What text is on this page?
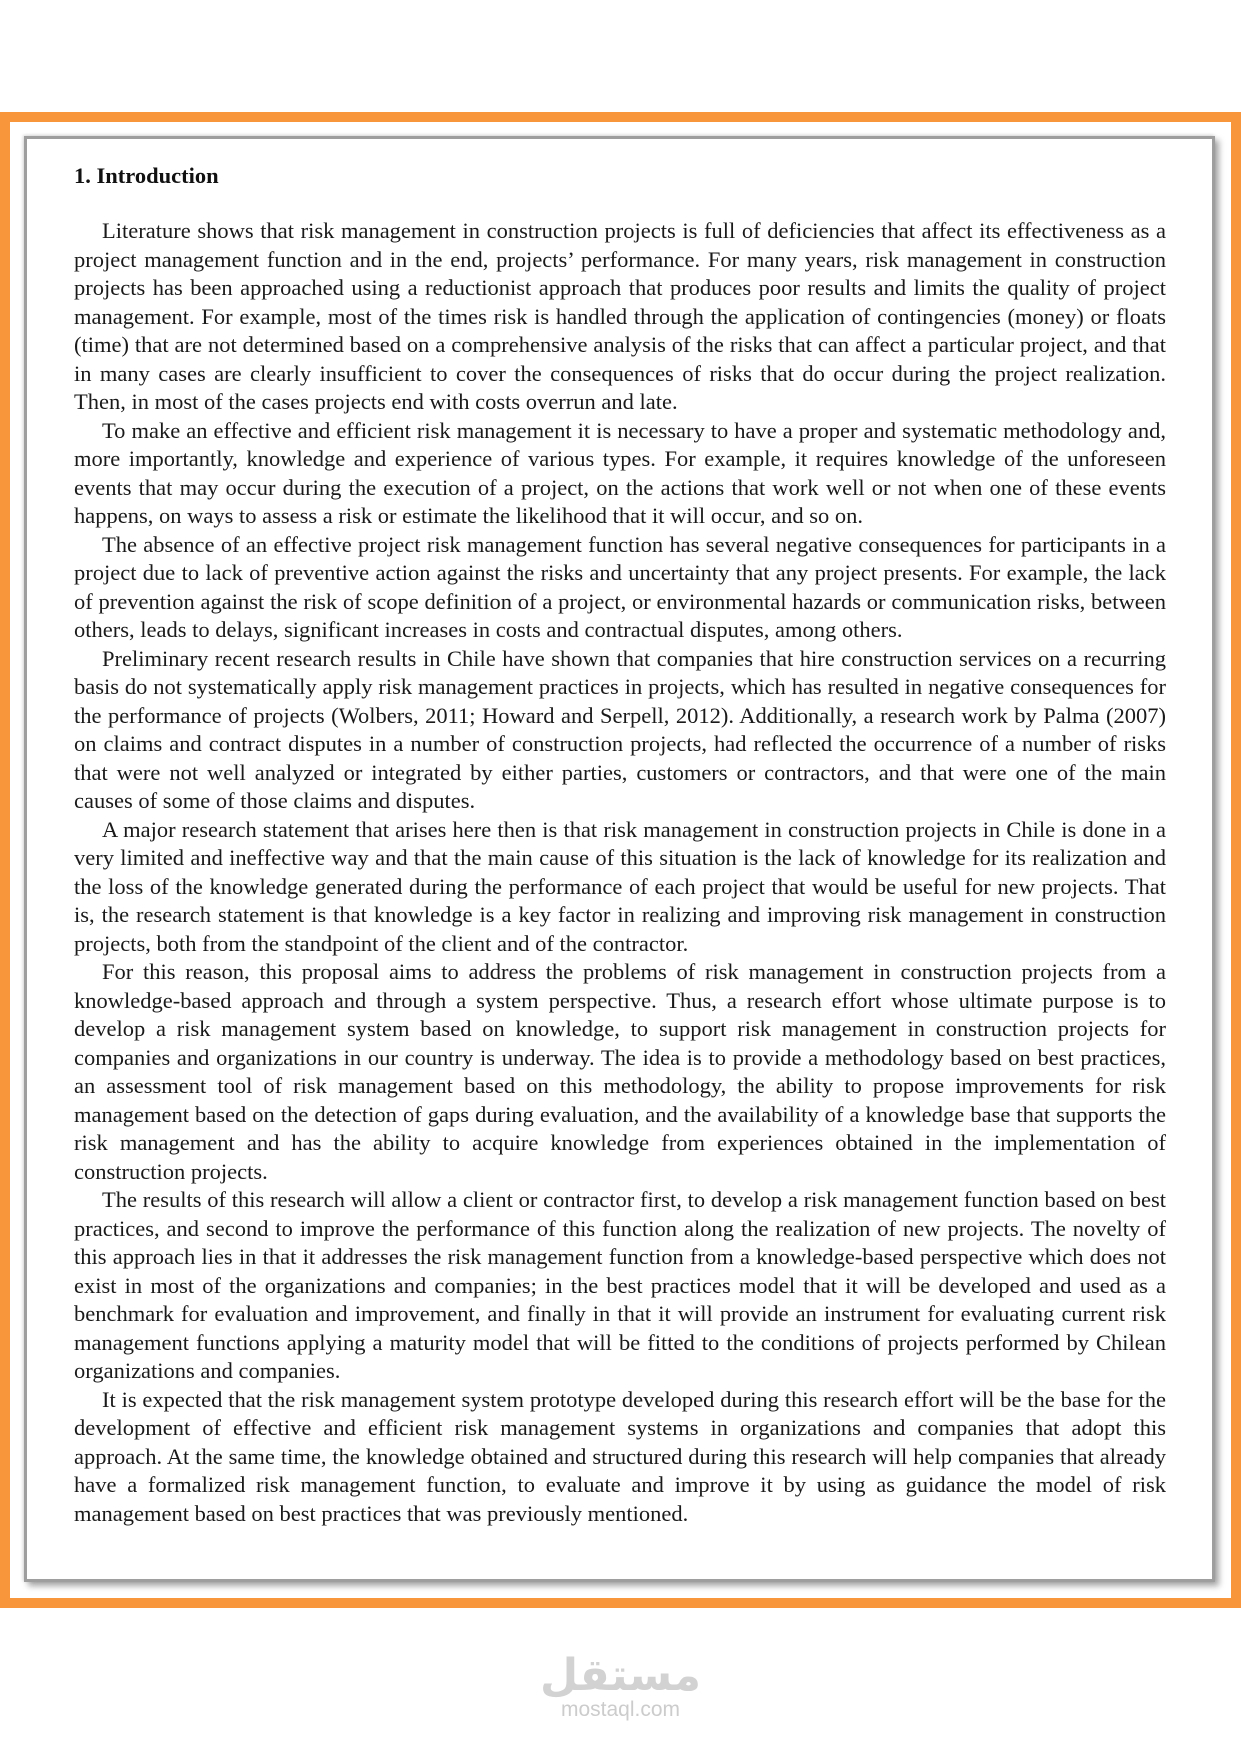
1. Introduction

Literature shows that risk management in construction projects is full of deficiencies that affect its effectiveness as a project management function and in the end, projects’ performance. For many years, risk management in construction projects has been approached using a reductionist approach that produces poor results and limits the quality of project management. For example, most of the times risk is handled through the application of contingencies (money) or floats (time) that are not determined based on a comprehensive analysis of the risks that can affect a particular project, and that in many cases are clearly insufficient to cover the consequences of risks that do occur during the project realization. Then, in most of the cases projects end with costs overrun and late.

To make an effective and efficient risk management it is necessary to have a proper and systematic methodology and, more importantly, knowledge and experience of various types. For example, it requires knowledge of the unforeseen events that may occur during the execution of a project, on the actions that work well or not when one of these events happens, on ways to assess a risk or estimate the likelihood that it will occur, and so on.

The absence of an effective project risk management function has several negative consequences for participants in a project due to lack of preventive action against the risks and uncertainty that any project presents. For example, the lack of prevention against the risk of scope definition of a project, or environmental hazards or communication risks, between others, leads to delays, significant increases in costs and contractual disputes, among others.

Preliminary recent research results in Chile have shown that companies that hire construction services on a recurring basis do not systematically apply risk management practices in projects, which has resulted in negative consequences for the performance of projects (Wolbers, 2011; Howard and Serpell, 2012). Additionally, a research work by Palma (2007) on claims and contract disputes in a number of construction projects, had reflected the occurrence of a number of risks that were not well analyzed or integrated by either parties, customers or contractors, and that were one of the main causes of some of those claims and disputes.

A major research statement that arises here then is that risk management in construction projects in Chile is done in a very limited and ineffective way and that the main cause of this situation is the lack of knowledge for its realization and the loss of the knowledge generated during the performance of each project that would be useful for new projects. That is, the research statement is that knowledge is a key factor in realizing and improving risk management in construction projects, both from the standpoint of the client and of the contractor.

For this reason, this proposal aims to address the problems of risk management in construction projects from a knowledge-based approach and through a system perspective. Thus, a research effort whose ultimate purpose is to develop a risk management system based on knowledge, to support risk management in construction projects for companies and organizations in our country is underway. The idea is to provide a methodology based on best practices, an assessment tool of risk management based on this methodology, the ability to propose improvements for risk management based on the detection of gaps during evaluation, and the availability of a knowledge base that supports the risk management and has the ability to acquire knowledge from experiences obtained in the implementation of construction projects.

The results of this research will allow a client or contractor first, to develop a risk management function based on best practices, and second to improve the performance of this function along the realization of new projects. The novelty of this approach lies in that it addresses the risk management function from a knowledge-based perspective which does not exist in most of the organizations and companies; in the best practices model that it will be developed and used as a benchmark for evaluation and improvement, and finally in that it will provide an instrument for evaluating current risk management functions applying a maturity model that will be fitted to the conditions of projects performed by Chilean organizations and companies.

It is expected that the risk management system prototype developed during this research effort will be the base for the development of effective and efficient risk management systems in organizations and companies that adopt this approach. At the same time, the knowledge obtained and structured during this research will help companies that already have a formalized risk management function, to evaluate and improve it by using as guidance the model of risk management based on best practices that was previously mentioned.

مستقل
mostaql.com
